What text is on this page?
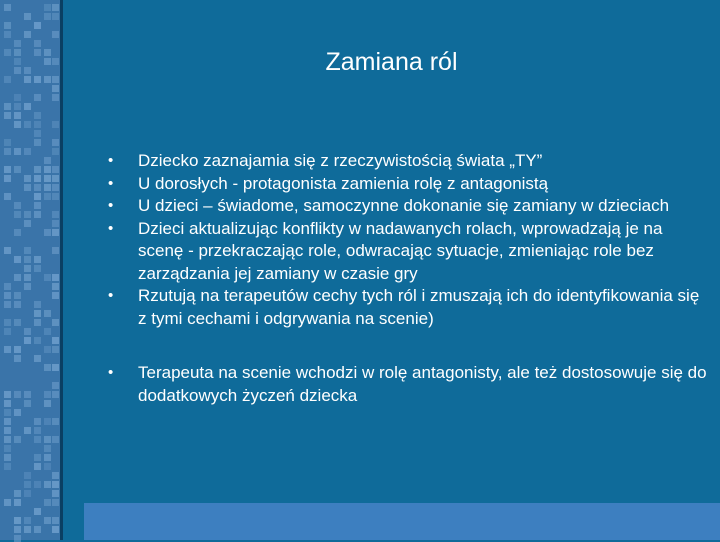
Zamiana ról
• Dziecko zaznajamia się z rzeczywistością świata „TY”
• U dorosłych - protagonista zamienia rolę z antagonistą
• U dzieci – świadome, samoczynne dokonanie się zamiany w dzieciach
• Dzieci aktualizując konflikty w nadawanych rolach, wprowadzają je na scenę - przekraczając role, odwracając sytuacje, zmieniając role bez zarządzania jej zamiany w czasie gry
• Rzutują na terapeutów cechy tych ról i zmuszają ich do identyfikowania się z tymi cechami i odgrywania na scenie)
• Terapeuta na scenie wchodzi w rolę antagonisty, ale też dostosowuje się do dodatkowych życzeń dziecka
